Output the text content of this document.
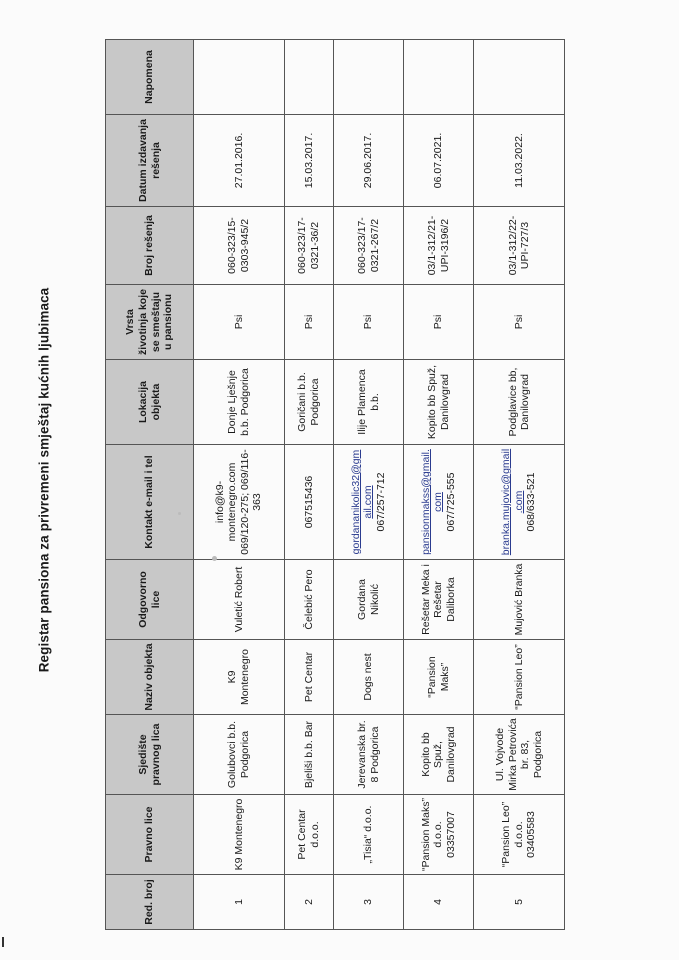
Registar pansiona za privremeni smještaj kućnih ljubimaca
Red. broj	Pravno lice	Sjedište pravnog lica	Naziv objekta	Odgovorno lice	Kontakt e-mail i tel	Lokacija objekta	Vrsta životinja koje se smeštaju u pansionu	Broj rešenja	Datum izdavanja rešenja	Napomena
1	K9 Montenegro	Golubovci b.b. Podgorica	K9 Montenegro	Vuletić Robert	info@k9-montenegro.com 069/120-275; 069/116-363	Donje Lješnje b.b. Podgorica	Psi	060-323/15-0303-945/2	27.01.2016.	
2	Pet Centar d.o.o.	Bjeliši b.b. Bar	Pet Centar	Čelebić Pero	067515436	Goričani b.b. Podgorica	Psi	060-323/17-0321-36/2	15.03.2017.	
3	„Tisia“ d.o.o.	Jerevanska br. 8 Podgorica	Dogs nest	Gordana Nikolić	gordananikolic32@gmail.com 067/257-712	Ilije Plamenca b.b.	Psi	060-323/17-0321-267/2	29.06.2017.	
4	“Pansion Maks” d.o.o. 03357007	Kopito bb Spuž, Danilovgrad	“Pansion Maks”	Rešetar Meka i Rešetar Daliborka	pansionmakss@gmail.com 067/725-555	Kopito bb Spuž, Danilovgrad	Psi	03/1-312/21-UPI-3196/2	06.07.2021.	
5	“Pansion Leo” d.o.o. 03405583	Ul. Vojvode Mirka Petrovića br. 83, Podgorica	“Pansion Leo”	Mujović Branka	branka.mujovic@gmail.com 068/633-521	Podglavice bb, Danilovgrad	Psi	03/1-312/22-UPI-727/3	11.03.2022.	
